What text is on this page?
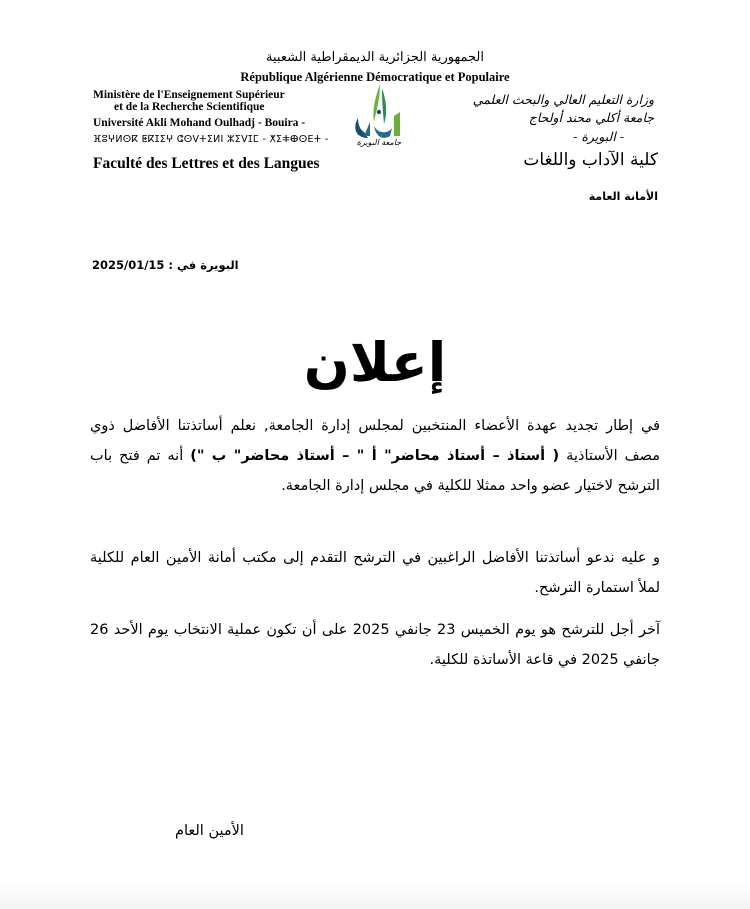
الجمهورية الجزائرية الديمقراطية الشعبية
République Algérienne Démocratique et Populaire
Ministère de l'Enseignement Supérieur
et de la Recherche Scientifique
Université Akli Mohand Oulhadj - Bouira -
ⴼⵓⵖⵍⵙⴽ ⵟⴽⵊⵉⵖ ⵛⵙⴸⵜⵉⵍⵏ ⵣⵉⴸⵊⵎ - ⵅⵉⵐⴲⵙⴹⵜ -
Faculté des Lettres et des Langues
وزارة التعليم العالي والبحث العلمي
جامعة أكلي محند أولحاج
- البويرة -
كلية الآداب واللغات
جامعة البويرة
الأمانة العامة
البويرة في : 2025/01/15
إعلان
في إطار تجديد عهدة الأعضاء المنتخبين لمجلس إدارة الجامعة, نعلم أساتذتنا الأفاضل ذوي مصف الأستاذية ( أستاذ – أستاذ محاضر" أ " – أستاذ محاضر" ب ") أنه تم فتح باب الترشح لاختيار عضو واحد ممثلا للكلية في مجلس إدارة الجامعة.
و عليه ندعو أساتذتنا الأفاضل الراغبين في الترشح التقدم إلى مكتب أمانة الأمين العام للكلية لملأ استمارة الترشح.
آخر أجل للترشح هو يوم الخميس 23 جانفي 2025 على أن تكون عملية الانتخاب يوم الأحد 26 جانفي 2025 في قاعة الأساتذة للكلية.
الأمين العام
